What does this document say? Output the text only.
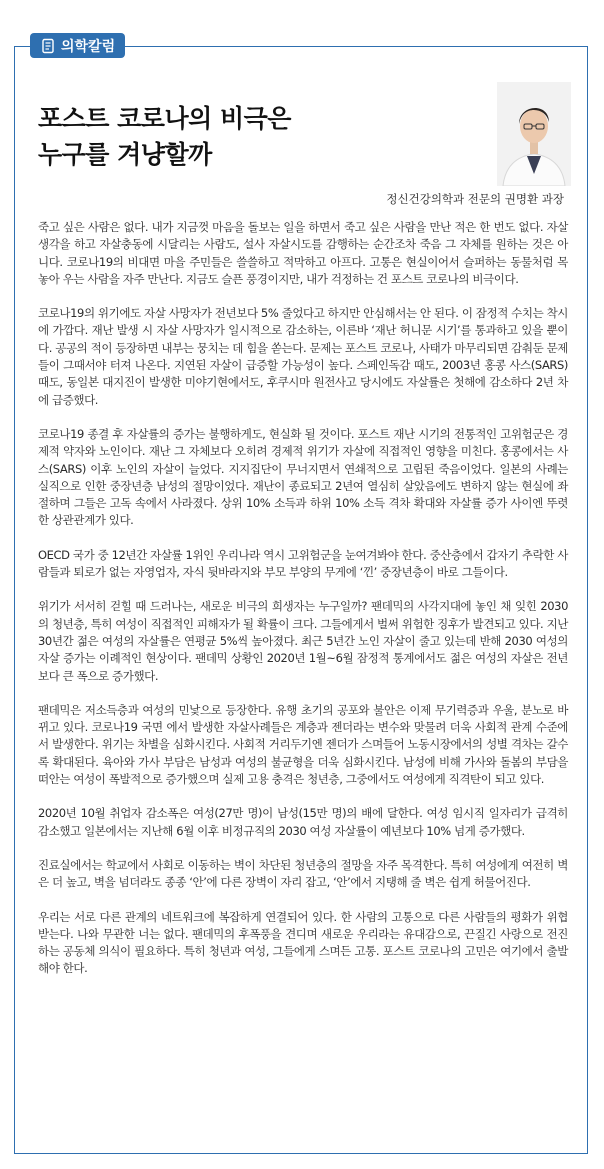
의학칼럼
포스트 코로나의 비극은
누구를 겨냥할까
정신건강의학과 전문의 권명환 과장

죽고 싶은 사람은 없다. 내가 지금껏 마음을 돌보는 일을 하면서 죽고 싶은 사람을 만난 적은 한 번도 없다. 자살생각을 하고 자살충동에 시달리는 사람도, 설사 자살시도를 감행하는 순간조차 죽음 그 자체를 원하는 것은 아니다. 코로나19의 비대면 마을 주민들은 쓸쓸하고 적막하고 아프다. 고통은 현실이어서 슬퍼하는 동물처럼 목 놓아 우는 사람을 자주 만난다. 지금도 슬픈 풍경이지만, 내가 걱정하는 건 포스트 코로나의 비극이다.

코로나19의 위기에도 자살 사망자가 전년보다 5% 줄었다고 하지만 안심해서는 안 된다. 이 잠정적 수치는 착시에 가깝다. 재난 발생 시 자살 사망자가 일시적으로 감소하는, 이른바 ‘재난 허니문 시기’를 통과하고 있을 뿐이다. 공공의 적이 등장하면 내부는 뭉치는 데 힘을 쏟는다. 문제는 포스트 코로나, 사태가 마무리되면 감춰둔 문제들이 그때서야 터져 나온다. 지연된 자살이 급증할 가능성이 높다. 스페인독감 때도, 2003년 홍콩 사스(SARS) 때도, 동일본 대지진이 발생한 미야기현에서도, 후쿠시마 원전사고 당시에도 자살률은 첫해에 감소하다 2년 차에 급증했다.

코로나19 종결 후 자살률의 증가는 불행하게도, 현실화 될 것이다. 포스트 재난 시기의 전통적인 고위험군은 경제적 약자와 노인이다. 재난 그 자체보다 오히려 경제적 위기가 자살에 직접적인 영향을 미친다. 홍콩에서는 사스(SARS) 이후 노인의 자살이 늘었다. 지지집단이 무너지면서 연쇄적으로 고립된 죽음이었다. 일본의 사례는 실직으로 인한 중장년층 남성의 절망이었다. 재난이 종료되고 2년여 열심히 살았음에도 변하지 않는 현실에 좌절하며 그들은 고독 속에서 사라졌다. 상위 10% 소득과 하위 10% 소득 격차 확대와 자살률 증가 사이엔 뚜렷한 상관관계가 있다.

OECD 국가 중 12년간 자살률 1위인 우리나라 역시 고위험군을 눈여겨봐야 한다. 중산층에서 갑자기 추락한 사람들과 퇴로가 없는 자영업자, 자식 뒷바라지와 부모 부양의 무게에 ‘낀’ 중장년층이 바로 그들이다.

위기가 서서히 걷힐 때 드러나는, 새로운 비극의 희생자는 누구일까? 팬데믹의 사각지대에 놓인 채 잊힌 2030의 청년층, 특히 여성이 직접적인 피해자가 될 확률이 크다. 그들에게서 벌써 위험한 징후가 발견되고 있다. 지난 30년간 젊은 여성의 자살률은 연평균 5%씩 높아졌다. 최근 5년간 노인 자살이 줄고 있는데 반해 2030 여성의 자살 증가는 이례적인 현상이다. 팬데믹 상황인 2020년 1월~6월 잠정적 통계에서도 젊은 여성의 자살은 전년보다 큰 폭으로 증가했다.

팬데믹은 저소득층과 여성의 민낯으로 등장한다. 유행 초기의 공포와 불안은 이제 무기력증과 우울, 분노로 바뀌고 있다. 코로나19 국면 에서 발생한 자살사례들은 계층과 젠더라는 변수와 맞물려 더욱 사회적 관계 수준에서 발생한다. 위기는 차별을 심화시킨다. 사회적 거리두기엔 젠더가 스며들어 노동시장에서의 성별 격차는 갈수록 확대된다. 육아와 가사 부담은 남성과 여성의 불균형을 더욱 심화시킨다. 남성에 비해 가사와 돌봄의 부담을 떠안는 여성이 폭발적으로 증가했으며 실제 고용 충격은 청년층, 그중에서도 여성에게 직격탄이 되고 있다.

2020년 10월 취업자 감소폭은 여성(27만 명)이 남성(15만 명)의 배에 달한다. 여성 임시직 일자리가 급격히 감소했고 일본에서는 지난해 6월 이후 비정규직의 2030 여성 자살률이 예년보다 10% 넘게 증가했다.

진료실에서는 학교에서 사회로 이동하는 벽이 차단된 청년층의 절망을 자주 목격한다. 특히 여성에게 여전히 벽은 더 높고, 벽을 넘더라도 종종 ‘안’에 다른 장벽이 자리 잡고, ‘안’에서 지탱해 줄 벽은 쉽게 허물어진다.

우리는 서로 다른 관계의 네트워크에 복잡하게 연결되어 있다. 한 사람의 고통으로 다른 사람들의 평화가 위협받는다. 나와 무관한 너는 없다. 팬데믹의 후폭풍을 견디며 새로운 우리라는 유대감으로, 끈질긴 사랑으로 전진하는 공동체 의식이 필요하다. 특히 청년과 여성, 그들에게 스며든 고통. 포스트 코로나의 고민은 여기에서 출발해야 한다.
